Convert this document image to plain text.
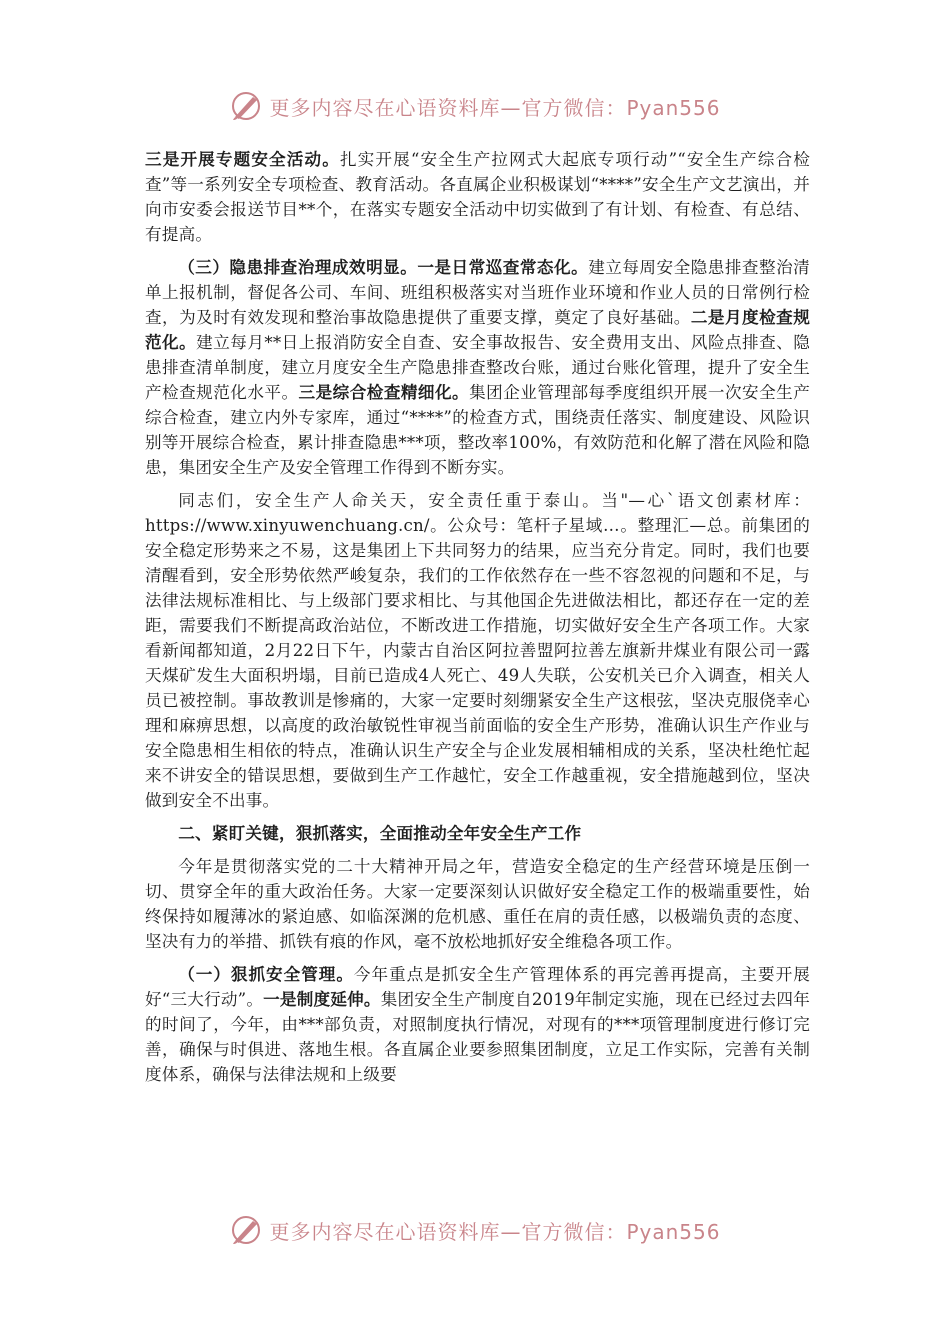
更多内容尽在心语资料库—官方微信：Pyan556

三是开展专题安全活动。扎实开展“安全生产拉网式大起底专项行动”“安全生产综合检查”等一系列安全专项检查、教育活动。各直属企业积极谋划“****”安全生产文艺演出，并向市安委会报送节目**个，在落实专题安全活动中切实做到了有计划、有检查、有总结、有提高。

（三）隐患排查治理成效明显。一是日常巡查常态化。建立每周安全隐患排查整治清单上报机制，督促各公司、车间、班组积极落实对当班作业环境和作业人员的日常例行检查，为及时有效发现和整治事故隐患提供了重要支撑，奠定了良好基础。二是月度检查规范化。建立每月**日上报消防安全自查、安全事故报告、安全费用支出、风险点排查、隐患排查清单制度，建立月度安全生产隐患排查整改台账，通过台账化管理，提升了安全生产检查规范化水平。三是综合检查精细化。集团企业管理部每季度组织开展一次安全生产综合检查，建立内外专家库，通过“****”的检查方式，围绕责任落实、制度建设、风险识别等开展综合检查，累计排查隐患***项，整改率100%，有效防范和化解了潜在风险和隐患，集团安全生产及安全管理工作得到不断夯实。

同志们，安全生产人命关天，安全责任重于泰山。当"—心`语文创素材库：https://www.xinyuwenchuang.cn/。公众号：笔杆子星域…。整理汇—总。前集团的安全稳定形势来之不易，这是集团上下共同努力的结果，应当充分肯定。同时，我们也要清醒看到，安全形势依然严峻复杂，我们的工作依然存在一些不容忽视的问题和不足，与法律法规标准相比、与上级部门要求相比、与其他国企先进做法相比，都还存在一定的差距，需要我们不断提高政治站位，不断改进工作措施，切实做好安全生产各项工作。大家看新闻都知道，2月22日下午，内蒙古自治区阿拉善盟阿拉善左旗新井煤业有限公司一露天煤矿发生大面积坍塌，目前已造成4人死亡、49人失联，公安机关已介入调查，相关人员已被控制。事故教训是惨痛的，大家一定要时刻绷紧安全生产这根弦，坚决克服侥幸心理和麻痹思想，以高度的政治敏锐性审视当前面临的安全生产形势，准确认识生产作业与安全隐患相生相依的特点，准确认识生产安全与企业发展相辅相成的关系，坚决杜绝忙起来不讲安全的错误思想，要做到生产工作越忙，安全工作越重视，安全措施越到位，坚决做到安全不出事。

二、紧盯关键，狠抓落实，全面推动全年安全生产工作

今年是贯彻落实党的二十大精神开局之年，营造安全稳定的生产经营环境是压倒一切、贯穿全年的重大政治任务。大家一定要深刻认识做好安全稳定工作的极端重要性，始终保持如履薄冰的紧迫感、如临深渊的危机感、重任在肩的责任感，以极端负责的态度、坚决有力的举措、抓铁有痕的作风，毫不放松地抓好安全维稳各项工作。

（一）狠抓安全管理。今年重点是抓安全生产管理体系的再完善再提高，主要开展好“三大行动”。一是制度延伸。集团安全生产制度自2019年制定实施，现在已经过去四年的时间了，今年，由***部负责，对照制度执行情况，对现有的***项管理制度进行修订完善，确保与时俱进、落地生根。各直属企业要参照集团制度，立足工作实际，完善有关制度体系，确保与法律法规和上级要

更多内容尽在心语资料库—官方微信：Pyan556
